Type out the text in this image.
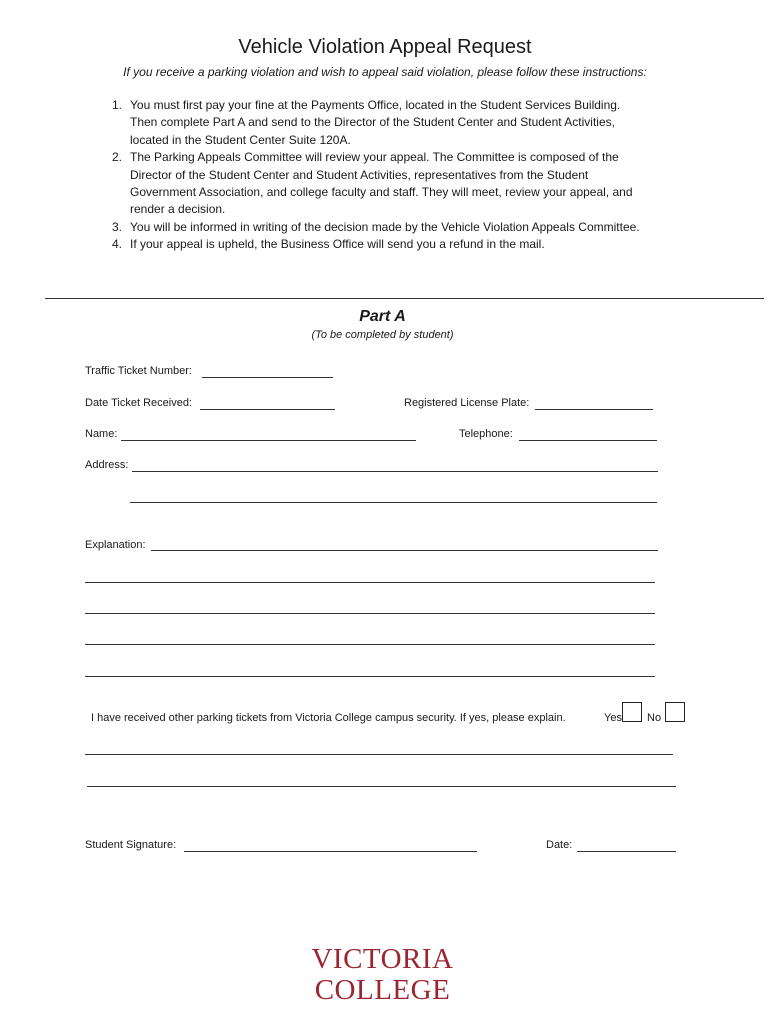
Vehicle Violation Appeal Request
If you receive a parking violation and wish to appeal said violation, please follow these instructions:
1. You must first pay your fine at the Payments Office, located in the Student Services Building.
Then complete Part A and send to the Director of the Student Center and Student Activities,
located in the Student Center Suite 120A.
2. The Parking Appeals Committee will review your appeal. The Committee is composed of the
Director of the Student Center and Student Activities, representatives from the Student
Government Association, and college faculty and staff. They will meet, review your appeal, and
render a decision.
3. You will be informed in writing of the decision made by the Vehicle Violation Appeals Committee.
4. If your appeal is upheld, the Business Office will send you a refund in the mail.
Part A
(To be completed by student)
Traffic Ticket Number:
Date Ticket Received:	Registered License Plate:
Name:	Telephone:
Address:
Explanation:
I have received other parking tickets from Victoria College campus security. If yes, please explain.	Yes No
Student Signature:	Date:
VICTORIA
COLLEGE
